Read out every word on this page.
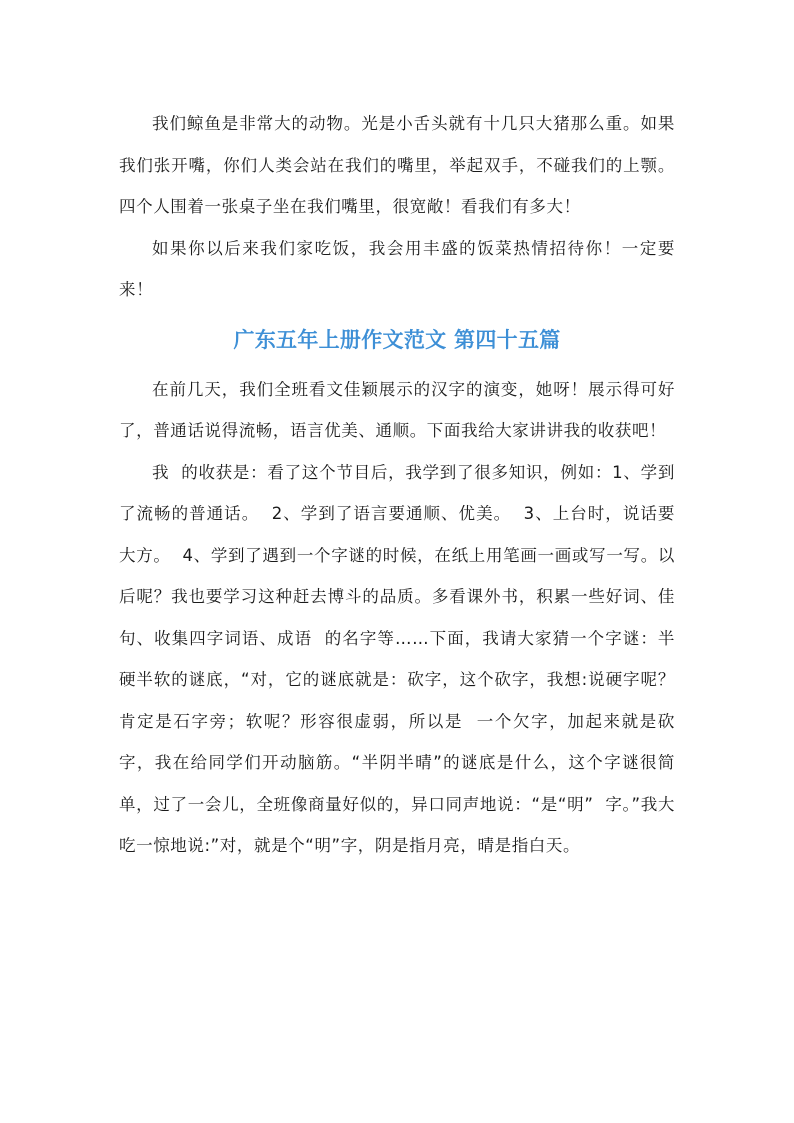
我们鲸鱼是非常大的动物。光是小舌头就有十几只大猪那么重。如果我们张开嘴，你们人类会站在我们的嘴里，举起双手，不碰我们的上颚。四个人围着一张桌子坐在我们嘴里，很宽敞！看我们有多大！

如果你以后来我们家吃饭，我会用丰盛的饭菜热情招待你！一定要来！

广东五年上册作文范文 第四十五篇

在前几天，我们全班看文佳颖展示的汉字的演变，她呀！展示得可好了，普通话说得流畅，语言优美、通顺。下面我给大家讲讲我的收获吧！

我  的收获是：看了这个节目后，我学到了很多知识，例如：1、学到了流畅的普通话。  2、学到了语言要通顺、优美。  3、上台时，说话要大方。  4、学到了遇到一个字谜的时候，在纸上用笔画一画或写一写。以后呢？我也要学习这种赶去博斗的品质。多看课外书，积累一些好词、佳句、收集四字词语、成语  的名字等……下面，我请大家猜一个字谜：半硬半软的谜底，“对，它的谜底就是：砍字，这个砍字，我想:说硬字呢？肯定是石字旁；软呢？形容很虚弱，所以是  一个欠字，加起来就是砍字，我在给同学们开动脑筋。“半阴半晴”的谜底是什么，这个字谜很简单，过了一会儿，全班像商量好似的，异口同声地说：“是“明”  字。”我大吃一惊地说:”对，就是个“明”字，阴是指月亮，晴是指白天。
